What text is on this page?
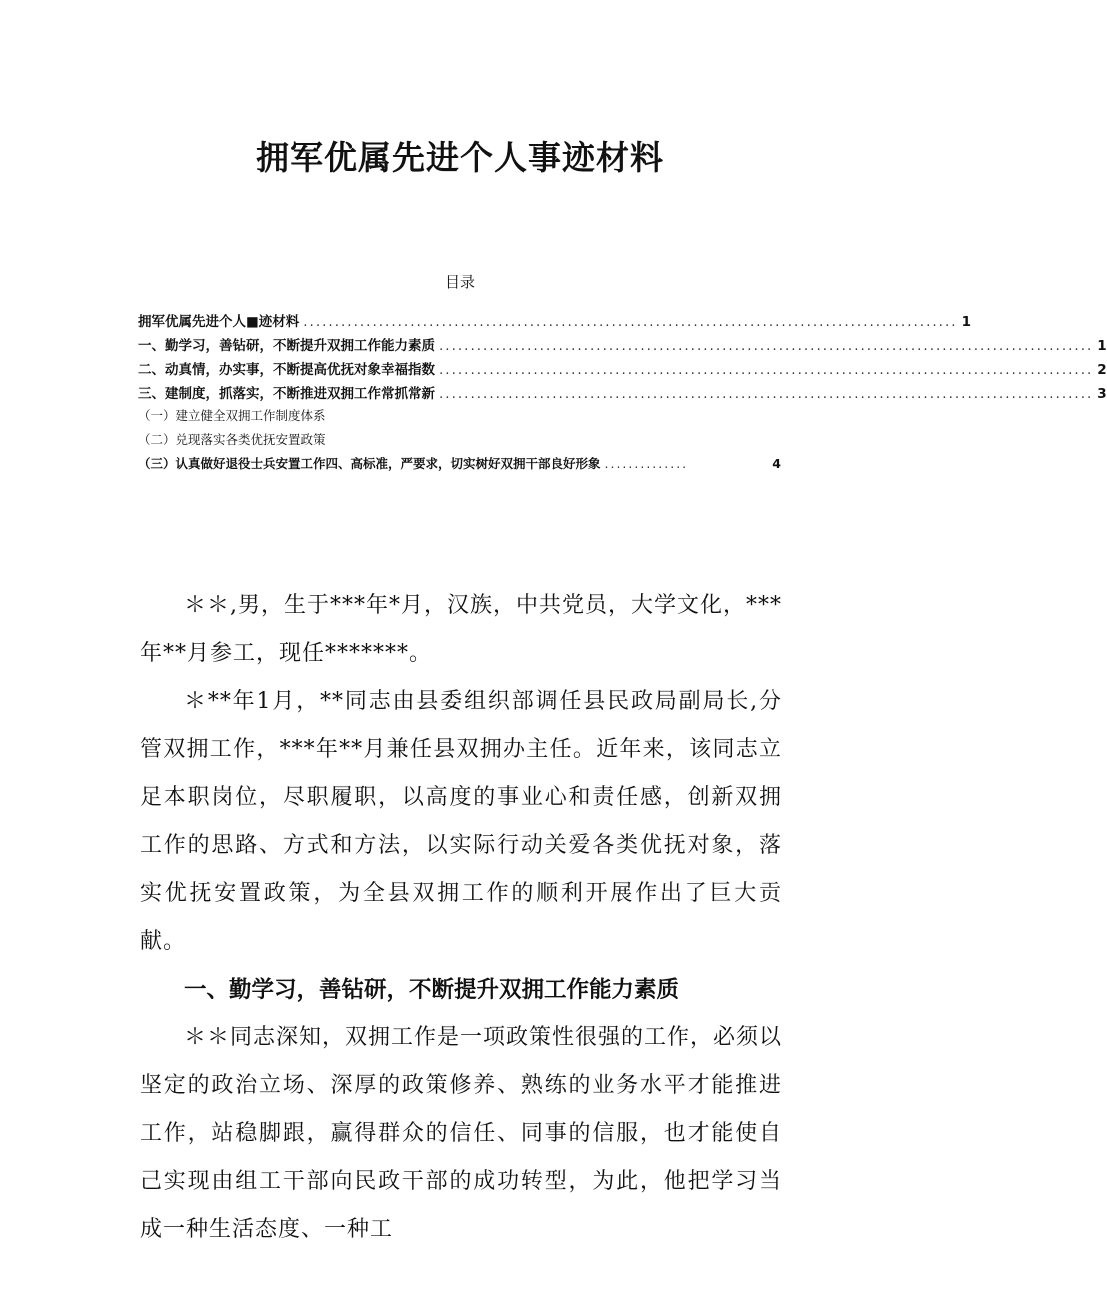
拥军优属先进个人事迹材料
目录
拥军优属先进个人■迹材料 ........................................................................................................ 1
一、勤学习，善钻研，不断提升双拥工作能力素质 ........................................................................................................ 1
二、动真情，办实事，不断提高优抚对象幸福指数 ........................................................................................................ 2
三、建制度，抓落实，不断推进双拥工作常抓常新 ........................................................................................................ 3
（一）建立健全双拥工作制度体系
（二）兑现落实各类优抚安置政策
（三）认真做好退役士兵安置工作四、高标准，严要求，切实树好双拥干部良好形象 ..............	4

＊＊,男，生于***年*月，汉族，中共党员，大学文化，***年**月参工，现任*******。

＊**年1月，**同志由县委组织部调任县民政局副局长,分管双拥工作，***年**月兼任县双拥办主任。近年来，该同志立足本职岗位，尽职履职，以高度的事业心和责任感，创新双拥工作的思路、方式和方法，以实际行动关爱各类优抚对象，落实优抚安置政策，为全县双拥工作的顺利开展作出了巨大贡献。

一、勤学习，善钻研，不断提升双拥工作能力素质

＊＊同志深知，双拥工作是一项政策性很强的工作，必须以坚定的政治立场、深厚的政策修养、熟练的业务水平才能推进工作，站稳脚跟，赢得群众的信任、同事的信服，也才能使自己实现由组工干部向民政干部的成功转型，为此，他把学习当成一种生活态度、一种工
